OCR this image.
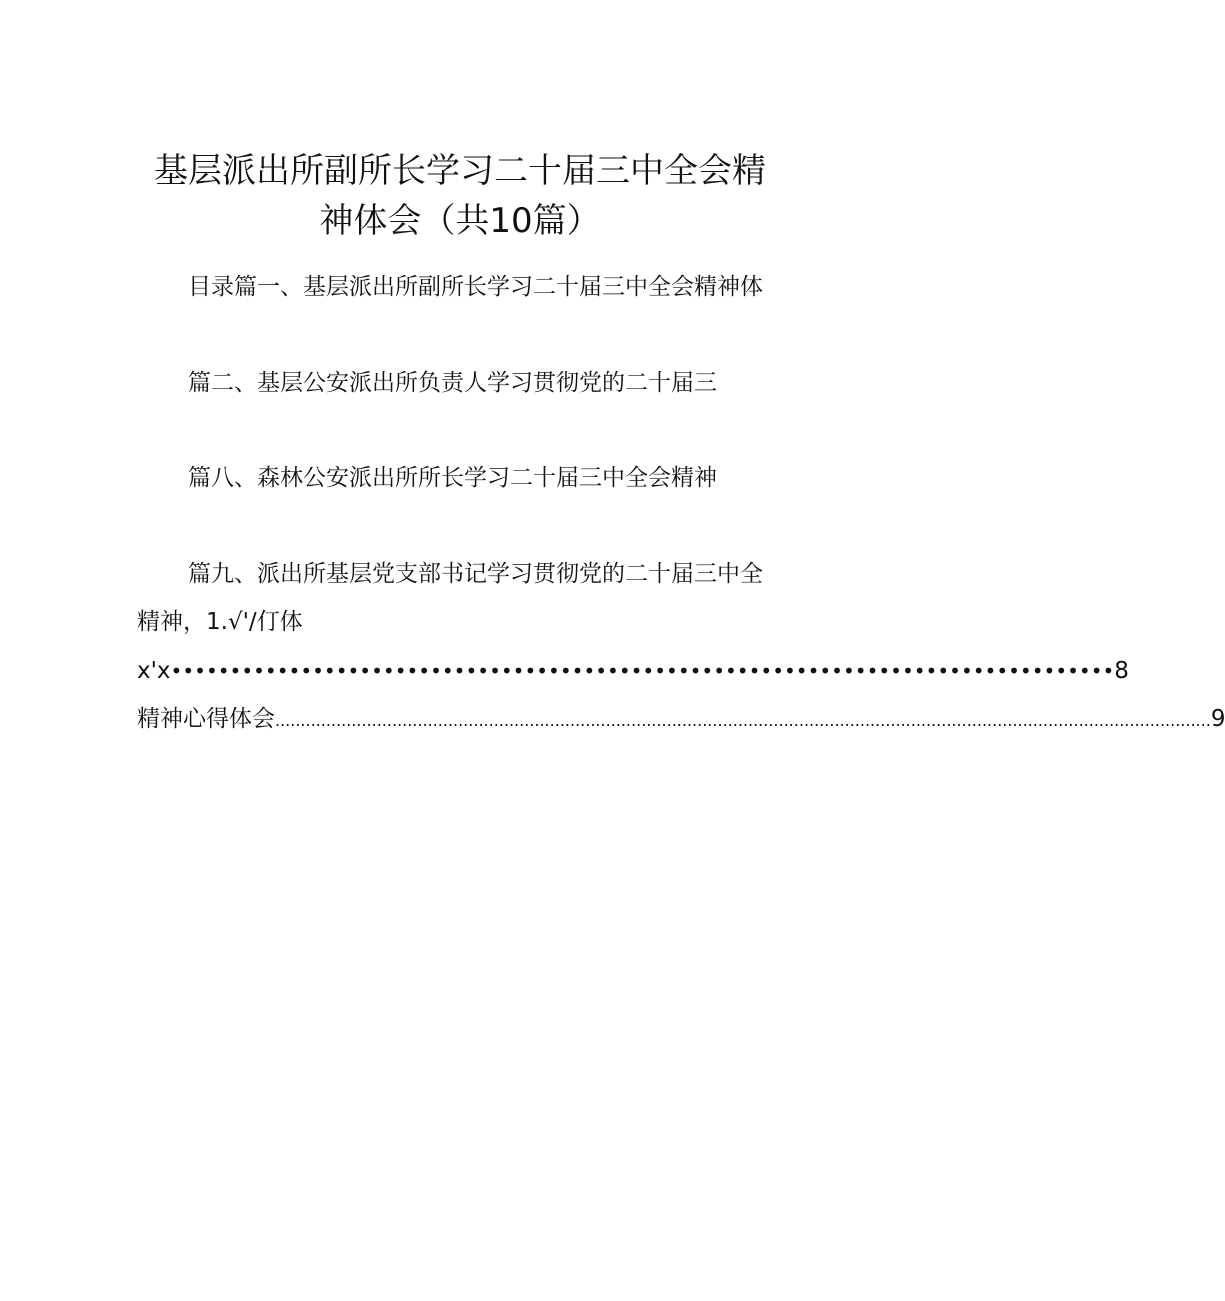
基层派出所副所长学习二十届三中全会精
神体会（共10篇）
目录篇一、基层派出所副所长学习二十届三中全会精神体
篇二、基层公安派出所负责人学习贯彻党的二十届三
篇八、森林公安派出所所长学习二十届三中全会精神
篇九、派出所基层党支部书记学习贯彻党的二十届三中全
精神，1.√'/仃体
x'x •••••••••••••••••••••••••••••••••••••••••••••••••••••••••••••••••••••••••••••••• 8
精神心得体会 ........................................................................................................................................................................................ 9
